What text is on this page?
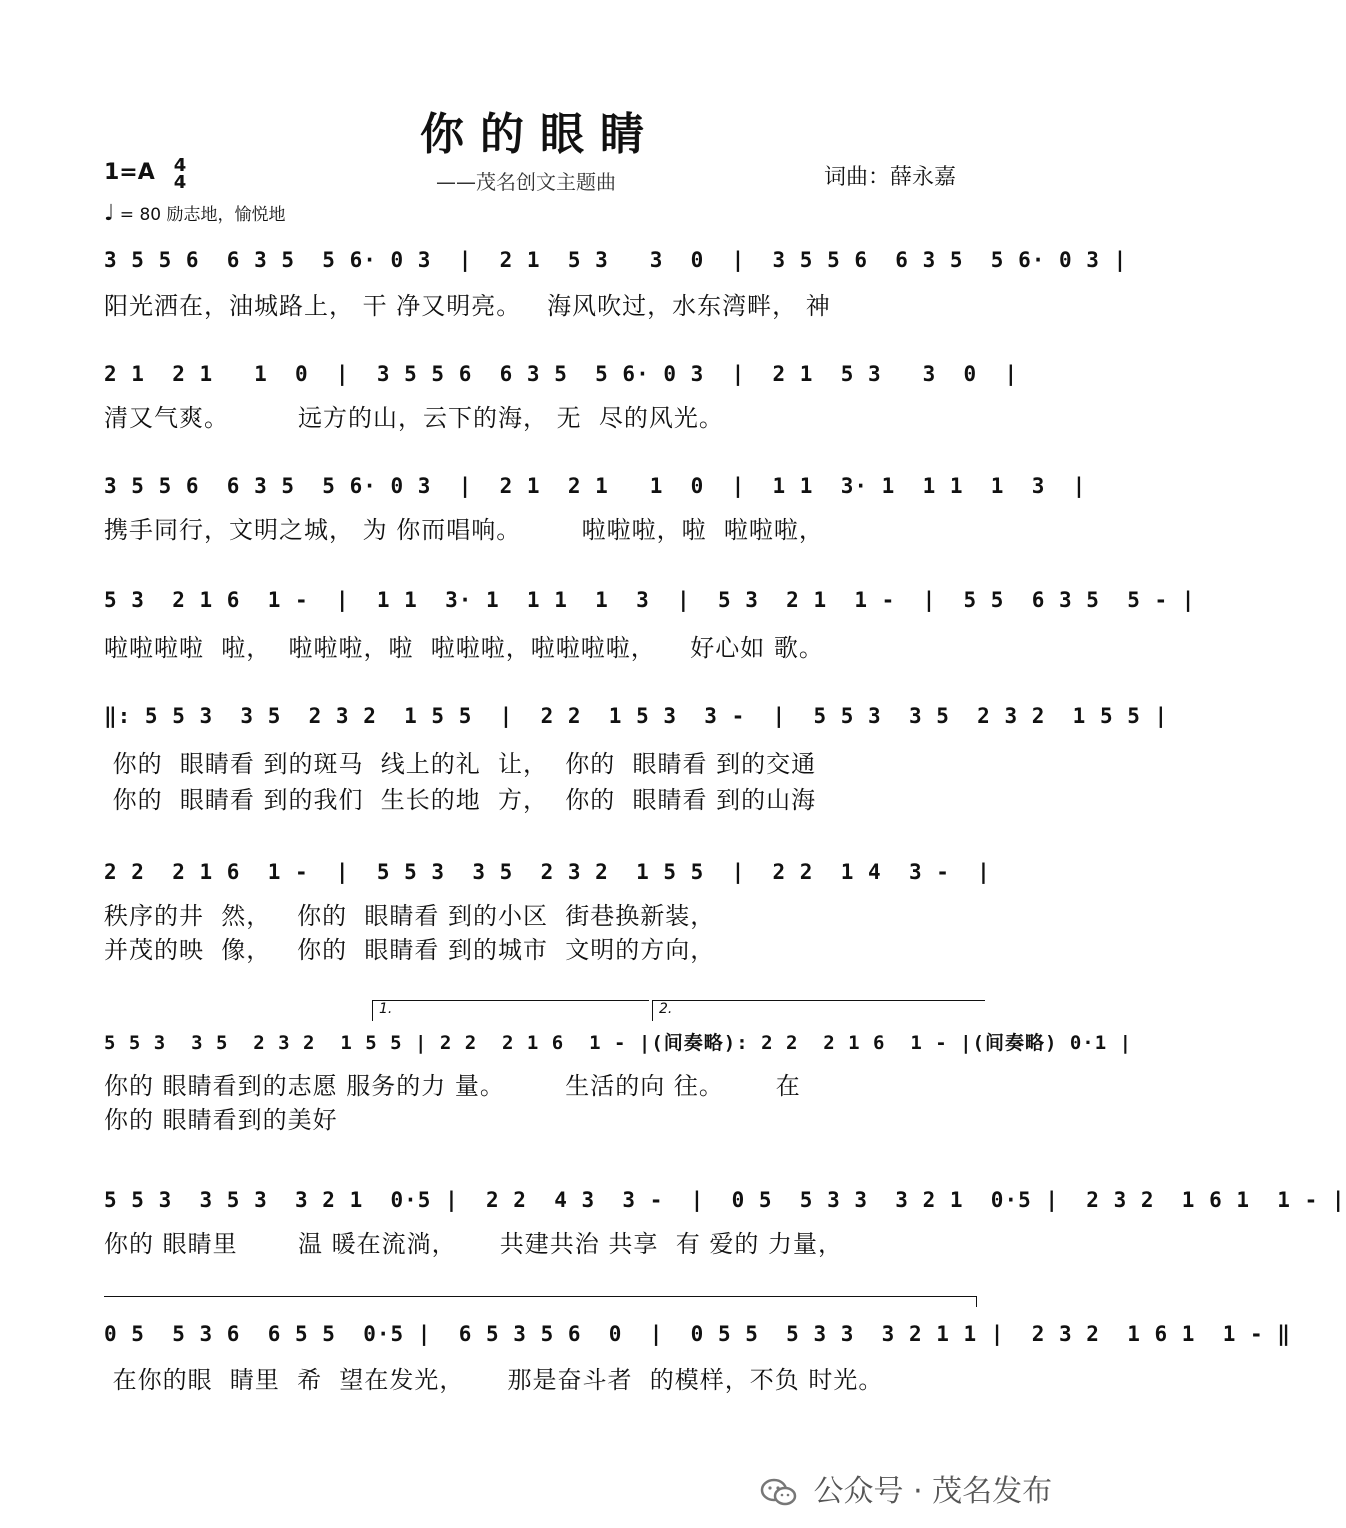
你的眼睛
1=A 4
4	——茂名创文主题曲	词曲：薛永嘉
♩ = 80 励志地，愉悦地
3 5 5 6  6 3 5  5 6· 0 3  |  2 1  5 3   3  0  |  3 5 5 6  6 3 5  5 6· 0 3 |
阳光洒在，油城路上， 干 净又明亮。   海风吹过，水东湾畔， 神
2 1  2 1   1  0  |  3 5 5 6  6 3 5  5 6· 0 3  |  2 1  5 3   3  0  |
清又气爽。        远方的山，云下的海， 无  尽的风光。
3 5 5 6  6 3 5  5 6· 0 3  |  2 1  2 1   1  0  |  1 1  3· 1  1 1  1  3  |
携手同行，文明之城， 为 你而唱响。       啦啦啦，啦  啦啦啦，
5 3  2 1 6  1 -  |  1 1  3· 1  1 1  1  3  |  5 3  2 1  1 -  |  5 5  6 3 5  5 - |
啦啦啦啦  啦，  啦啦啦，啦  啦啦啦，啦啦啦啦，    好心如 歌。
‖: 5 5 3  3 5  2 3 2  1 5 5  |  2 2  1 5 3  3 -  |  5 5 3  3 5  2 3 2  1 5 5 |
你的  眼睛看 到的斑马  线上的礼  让，  你的  眼睛看 到的交通
你的  眼睛看 到的我们  生长的地  方，  你的  眼睛看 到的山海
2 2  2 1 6  1 -  |  5 5 3  3 5  2 3 2  1 5 5  |  2 2  1 4  3 -  |
秩序的井  然，   你的  眼睛看 到的小区  街巷换新装，
并茂的映  像，   你的  眼睛看 到的城市  文明的方向，
1.	2.
5 5 3  3 5  2 3 2  1 5 5 | 2 2  2 1 6  1 - |(间奏略): 2 2  2 1 6  1 - |(间奏略) 0·1 |
你的 眼睛看到的志愿 服务的力 量。       生活的向 往。      在
你的 眼睛看到的美好
5 5 3  3 5 3  3 2 1  0·5 |  2 2  4 3  3 -  |  0 5  5 3 3  3 2 1  0·5 |  2 3 2  1 6 1  1 - |
你的 眼睛里       温 暖在流淌，     共建共治 共享  有 爱的 力量，
0 5  5 3 6  6 5 5  0·5 |  6 5 3 5 6  0  |  0 5 5  5 3 3  3 2 1 1 |  2 3 2  1 6 1  1 - ‖
在你的眼  睛里  希  望在发光，     那是奋斗者  的模样，不负 时光。
公众号 · 茂名发布
